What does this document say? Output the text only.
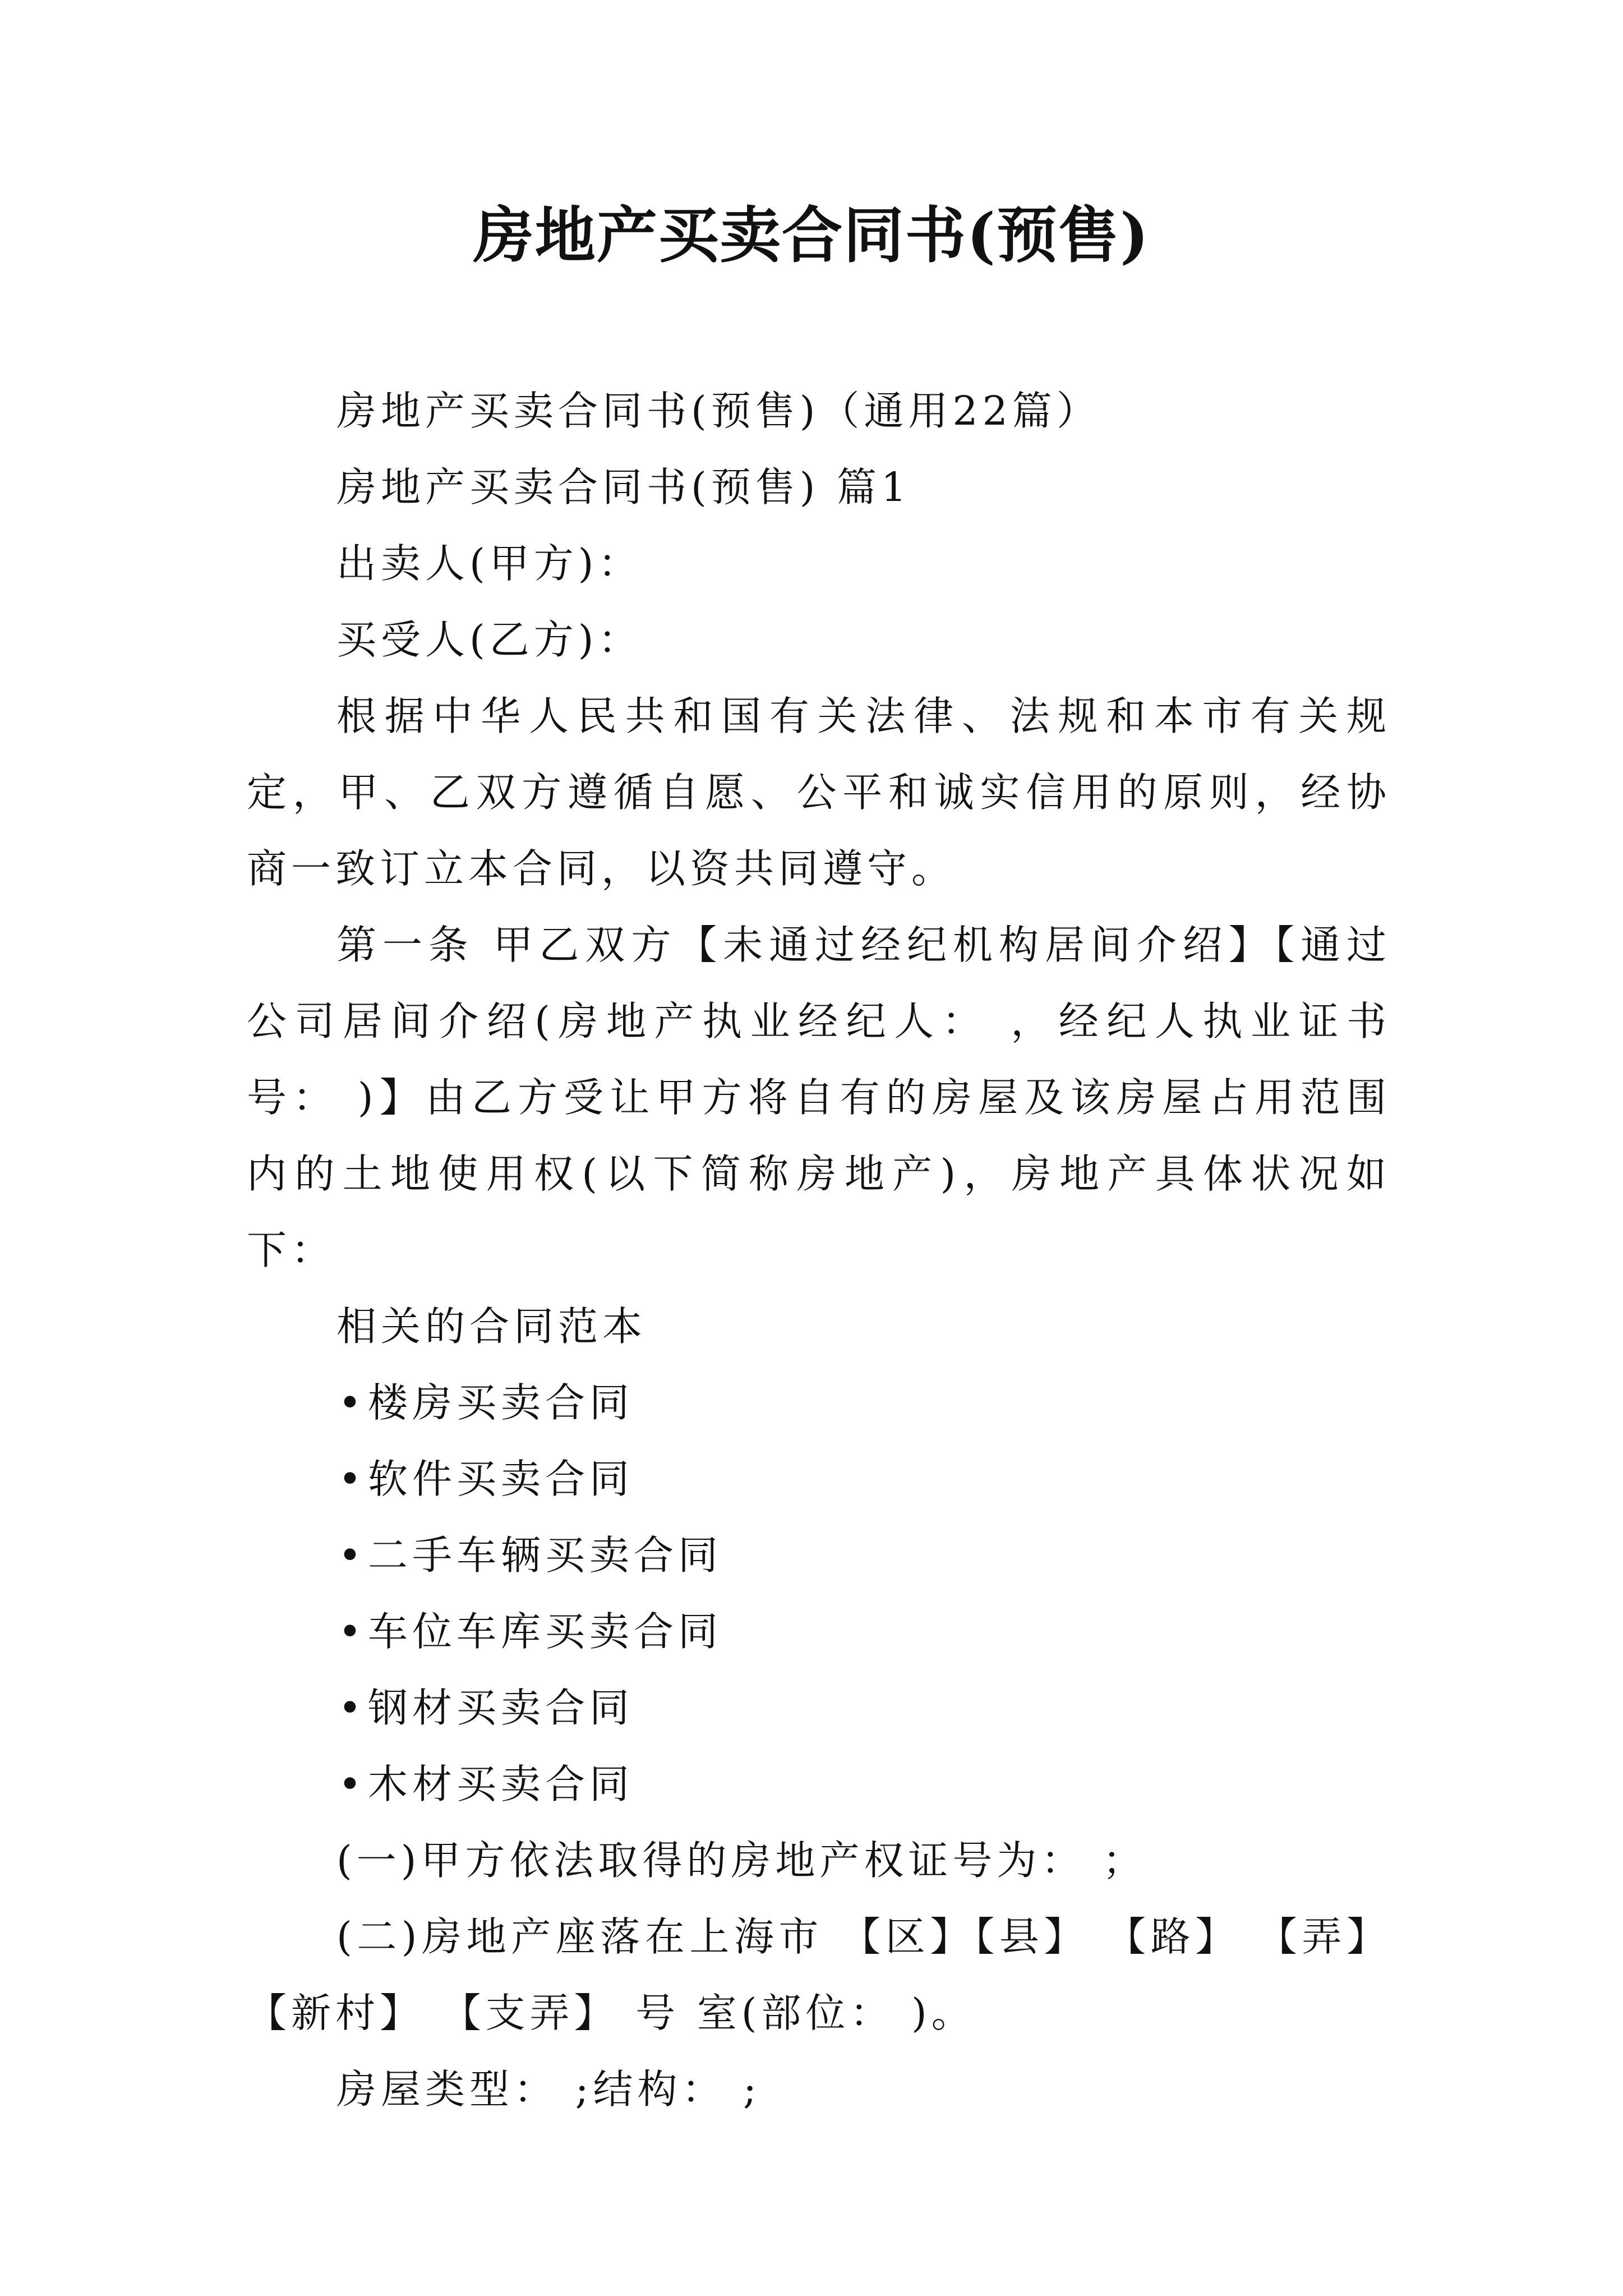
房地产买卖合同书(预售)

房地产买卖合同书(预售)（通用22篇）

房地产买卖合同书(预售) 篇1

出卖人(甲方)：

买受人(乙方)：

根据中华人民共和国有关法律、法规和本市有关规定，甲、乙双方遵循自愿、公平和诚实信用的原则，经协商一致订立本合同，以资共同遵守。

第一条 甲乙双方【未通过经纪机构居间介绍】【通过 公司居间介绍(房地产执业经纪人： ，经纪人执业证书号： )】由乙方受让甲方将自有的房屋及该房屋占用范围内的土地使用权(以下简称房地产)，房地产具体状况如下：

相关的合同范本

•楼房买卖合同
•软件买卖合同
•二手车辆买卖合同
•车位车库买卖合同
•钢材买卖合同
•木材买卖合同

(一)甲方依法取得的房地产权证号为： ；

(二)房地产座落在上海市 【区】【县】 【路】 【弄】【新村】 【支弄】 号 室(部位： )。

房屋类型： ;结构： ;
